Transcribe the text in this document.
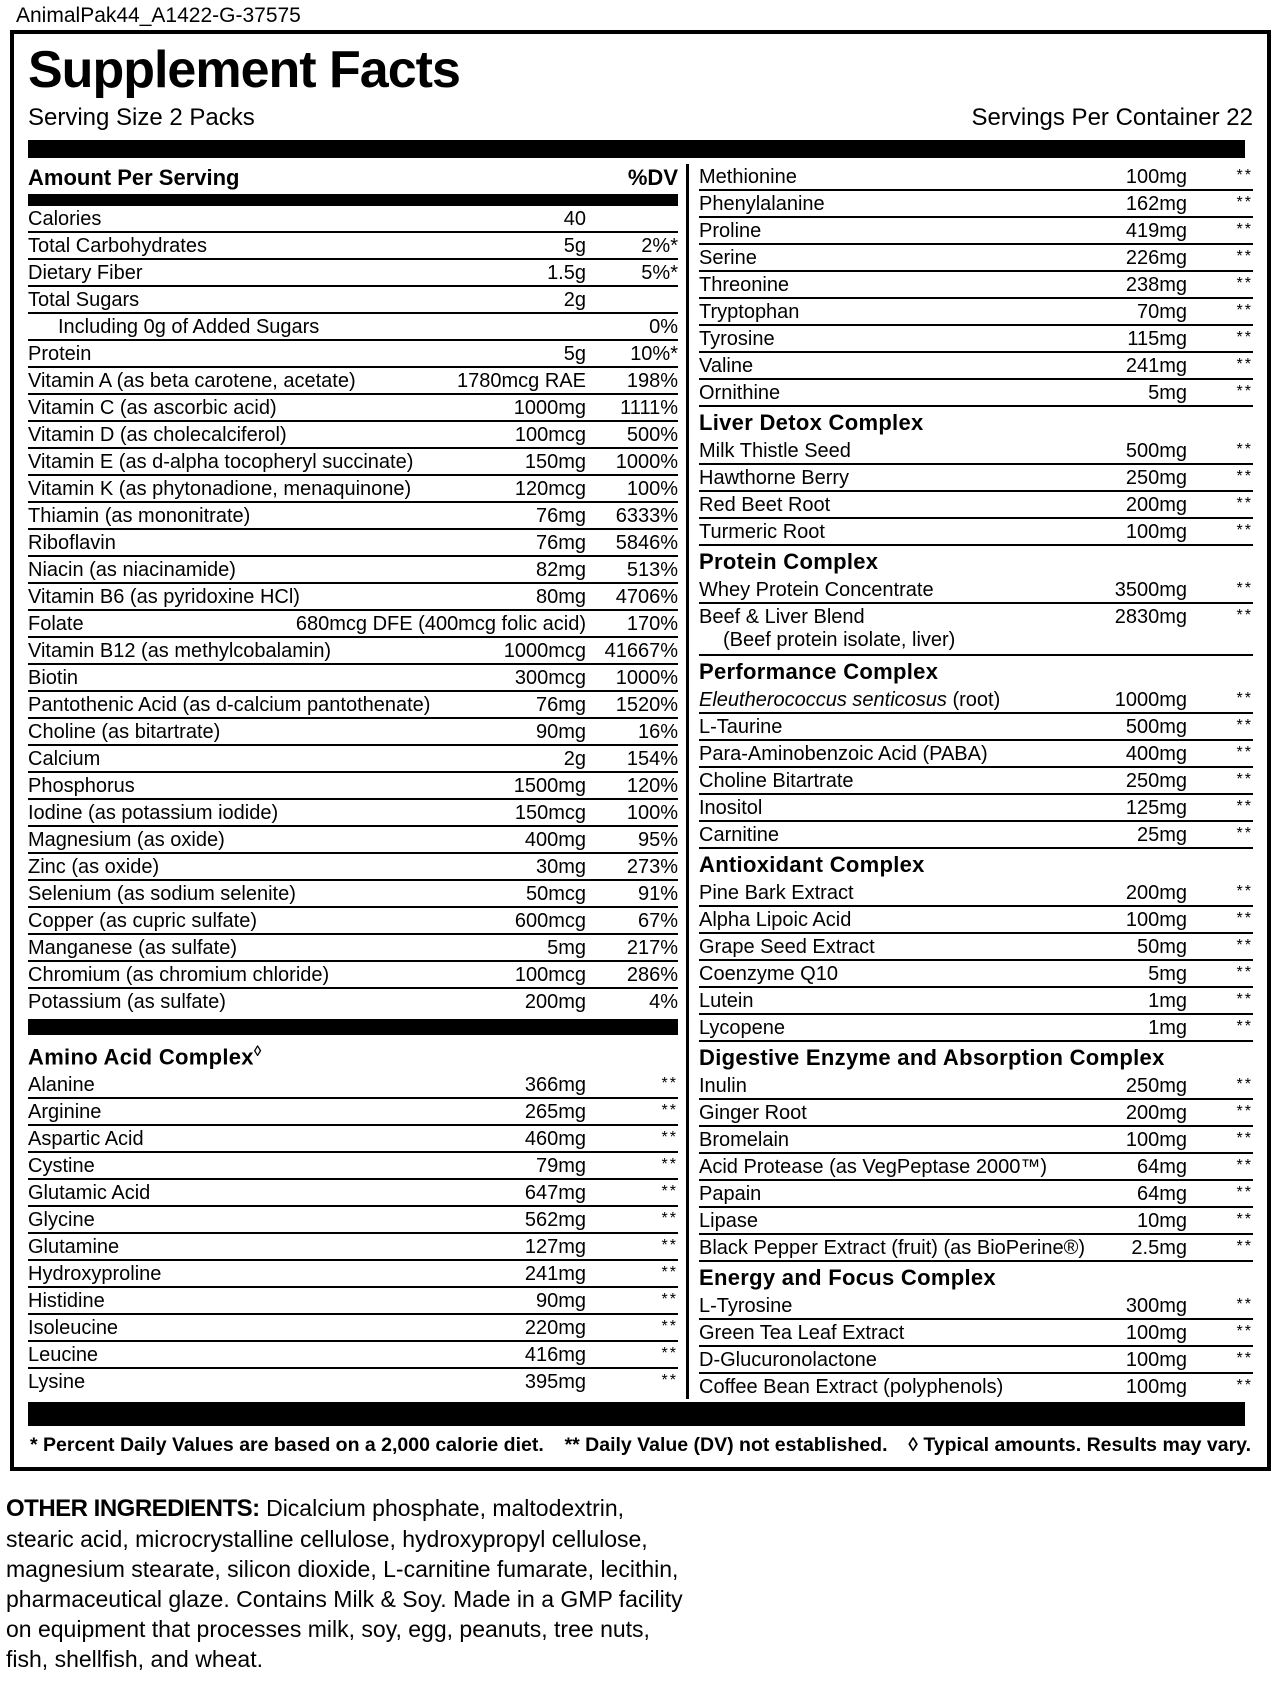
AnimalPak44_A1422-G-37575
Supplement Facts
Serving Size 2 Packs	Servings Per Container 22
Amount Per Serving	%DV
Calories	40
Total Carbohydrates	5g	2%*
Dietary Fiber	1.5g	5%*
Total Sugars	2g
Including 0g of Added Sugars	0%
Protein	5g	10%*
Vitamin A (as beta carotene, acetate)	1780mcg RAE	198%
Vitamin C (as ascorbic acid)	1000mg	1111%
Vitamin D (as cholecalciferol)	100mcg	500%
Vitamin E (as d-alpha tocopheryl succinate)	150mg	1000%
Vitamin K (as phytonadione, menaquinone)	120mcg	100%
Thiamin (as mononitrate)	76mg	6333%
Riboflavin	76mg	5846%
Niacin (as niacinamide)	82mg	513%
Vitamin B6 (as pyridoxine HCl)	80mg	4706%
Folate	680mcg DFE (400mcg folic acid)	170%
Vitamin B12 (as methylcobalamin)	1000mcg 41667%
Biotin	300mcg	1000%
Pantothenic Acid (as d-calcium pantothenate)	76mg	1520%
Choline (as bitartrate)	90mg	16%
Calcium	2g	154%
Phosphorus	1500mg	120%
Iodine (as potassium iodide)	150mcg	100%
Magnesium (as oxide)	400mg	95%
Zinc (as oxide)	30mg	273%
Selenium (as sodium selenite)	50mcg	91%
Copper (as cupric sulfate)	600mcg	67%
Manganese (as sulfate)	5mg	217%
Chromium (as chromium chloride)	100mcg	286%
Potassium (as sulfate)	200mg	4%
Amino Acid Complex◊
Alanine	366mg	**
Arginine	265mg	**
Aspartic Acid	460mg	**
Cystine	79mg	**
Glutamic Acid	647mg	**
Glycine	562mg	**
Glutamine	127mg	**
Hydroxyproline	241mg	**
Histidine	90mg	**
Isoleucine	220mg	**
Leucine	416mg	**
Lysine	395mg	**
Methionine	100mg	**
Phenylalanine	162mg	**
Proline	419mg	**
Serine	226mg	**
Threonine	238mg	**
Tryptophan	70mg	**
Tyrosine	115mg	**
Valine	241mg	**
Ornithine	5mg	**
Liver Detox Complex
Milk Thistle Seed	500mg	**
Hawthorne Berry	250mg	**
Red Beet Root	200mg	**
Turmeric Root	100mg	**
Protein Complex
Whey Protein Concentrate	3500mg	**
Beef & Liver Blend	2830mg	**
(Beef protein isolate, liver)
Performance Complex
Eleutherococcus senticosus (root)	1000mg	**
L-Taurine	500mg	**
Para-Aminobenzoic Acid (PABA)	400mg	**
Choline Bitartrate	250mg	**
Inositol	125mg	**
Carnitine	25mg	**
Antioxidant Complex
Pine Bark Extract	200mg	**
Alpha Lipoic Acid	100mg	**
Grape Seed Extract	50mg	**
Coenzyme Q10	5mg	**
Lutein	1mg	**
Lycopene	1mg	**
Digestive Enzyme and Absorption Complex
Inulin	250mg	**
Ginger Root	200mg	**
Bromelain	100mg	**
Acid Protease (as VegPeptase 2000™)	64mg	**
Papain	64mg	**
Lipase	10mg	**
Black Pepper Extract (fruit) (as BioPerine®)	2.5mg	**
Energy and Focus Complex
L-Tyrosine	300mg	**
Green Tea Leaf Extract	100mg	**
D-Glucuronolactone	100mg	**
Coffee Bean Extract (polyphenols)	100mg	**
* Percent Daily Values are based on a 2,000 calorie diet. ** Daily Value (DV) not established. ◊ Typical amounts. Results may vary.
OTHER INGREDIENTS: Dicalcium phosphate, maltodextrin, stearic acid, microcrystalline cellulose, hydroxypropyl cellulose, magnesium stearate, silicon dioxide, L-carnitine fumarate, lecithin, pharmaceutical glaze. Contains Milk & Soy. Made in a GMP facility on equipment that processes milk, soy, egg, peanuts, tree nuts, fish, shellfish, and wheat.
